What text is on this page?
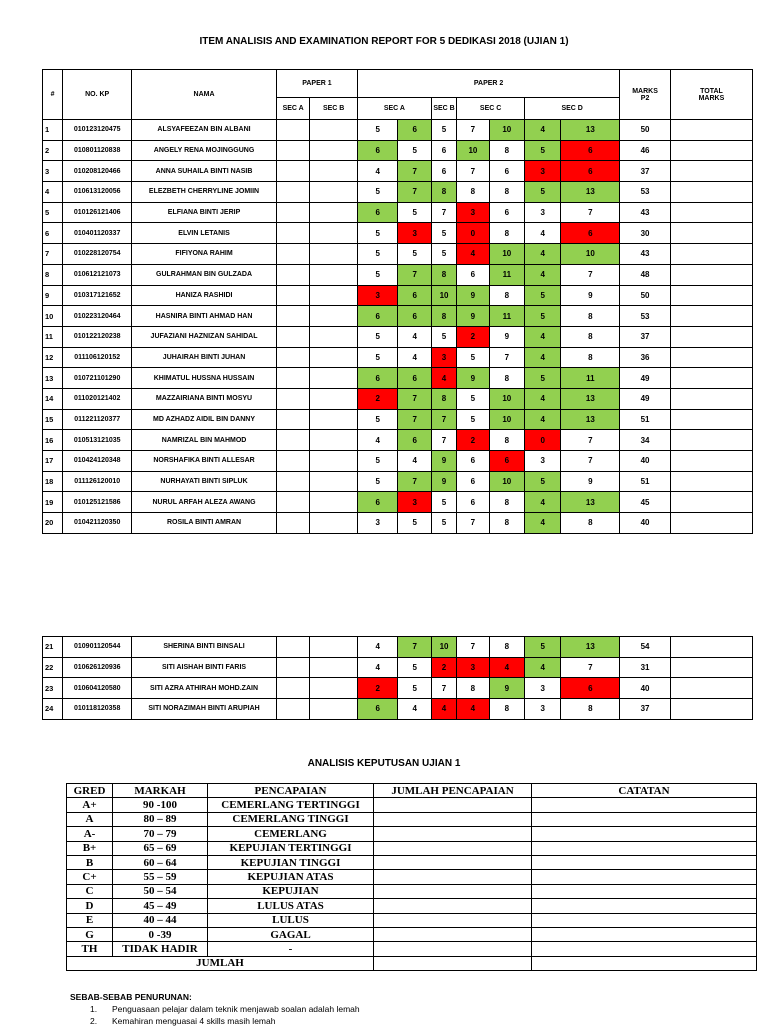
ITEM ANALISIS AND EXAMINATION REPORT FOR 5 DEDIKASI 2018 (UJIAN 1)
#	NO. KP	NAMA	PAPER 1		PAPER 2							MARKS
P2	TOTAL
MARKS
			SEC A	SEC B	SEC A		SEC B	SEC C		SEC D			
1	010123120475	ALSYAFEEZAN BIN ALBANI			5	6	5	7	10	4	13	50	
2	010801120838	ANGELY RENA MOJINGGUNG			6	5	6	10	8	5	6	46	
3	010208120466	ANNA SUHAILA BINTI NASIB			4	7	6	7	6	3	6	37	
4	010613120056	ELEZBETH CHERRYLINE JOMIIN			5	7	8	8	8	5	13	53	
5	010126121406	ELFIANA BINTI JERIP			6	5	7	3	6	3	7	43	
6	010401120337	ELVIN LETANIS			5	3	5	0	8	4	6	30	
7	010228120754	FIFIYONA RAHIM			5	5	5	4	10	4	10	43	
8	010612121073	GULRAHMAN BIN GULZADA			5	7	8	6	11	4	7	48	
9	010317121652	HANIZA RASHIDI			3	6	10	9	8	5	9	50	
10	010223120464	HASNIRA BINTI AHMAD HAN			6	6	8	9	11	5	8	53	
11	010122120238	JUFAZIANI HAZNIZAN SAHIDAL			5	4	5	2	9	4	8	37	
12	011106120152	JUHAIRAH BINTI JUHAN			5	4	3	5	7	4	8	36	
13	010721101290	KHIMATUL HUSSNA HUSSAIN			6	6	4	9	8	5	11	49	
14	011020121402	MAZZAIRIANA BINTI MOSYU			2	7	8	5	10	4	13	49	
15	011221120377	MD AZHADZ AIDIL BIN DANNY			5	7	7	5	10	4	13	51	
16	010513121035	NAMRIZAL BIN MAHMOD			4	6	7	2	8	0	7	34	
17	010424120348	NORSHAFIKA BINTI ALLESAR			5	4	9	6	6	3	7	40	
18	011126120010	NURHAYATI BINTI SIPLUK			5	7	9	6	10	5	9	51	
19	010125121586	NURUL ARFAH ALEZA AWANG			6	3	5	6	8	4	13	45	
20	010421120350	ROSILA BINTI AMRAN			3	5	5	7	8	4	8	40	
21	010901120544	SHERINA BINTI BINSALI			4	7	10	7	8	5	13	54	
22	010626120936	SITI AISHAH BINTI FARIS			4	5	2	3	4	4	7	31	
23	010604120580	SITI AZRA ATHIRAH MOHD.ZAIN			2	5	7	8	9	3	6	40	
24	010118120358	SITI NORAZIMAH BINTI ARUPIAH			6	4	4	4	8	3	8	37	
ANALISIS KEPUTUSAN UJIAN 1
GRED	MARKAH	PENCAPAIAN	JUMLAH PENCAPAIAN	CATATAN
A+	90 -100	CEMERLANG TERTINGGI		
A	80 – 89	CEMERLANG TINGGI		
A-	70 – 79	CEMERLANG		
B+	65 – 69	KEPUJIAN TERTINGGI		
B	60 – 64	KEPUJIAN TINGGI		
C+	55 – 59	KEPUJIAN ATAS		
C	50 – 54	KEPUJIAN		
D	45 – 49	LULUS ATAS		
E	40 – 44	LULUS		
G	0 -39	GAGAL		
TH	TIDAK HADIR	-		
JUMLAH				
SEBAB-SEBAB PENURUNAN:
1. Penguasaan pelajar dalam teknik menjawab soalan adalah lemah
2. Kemahiran menguasai 4 skills masih lemah
